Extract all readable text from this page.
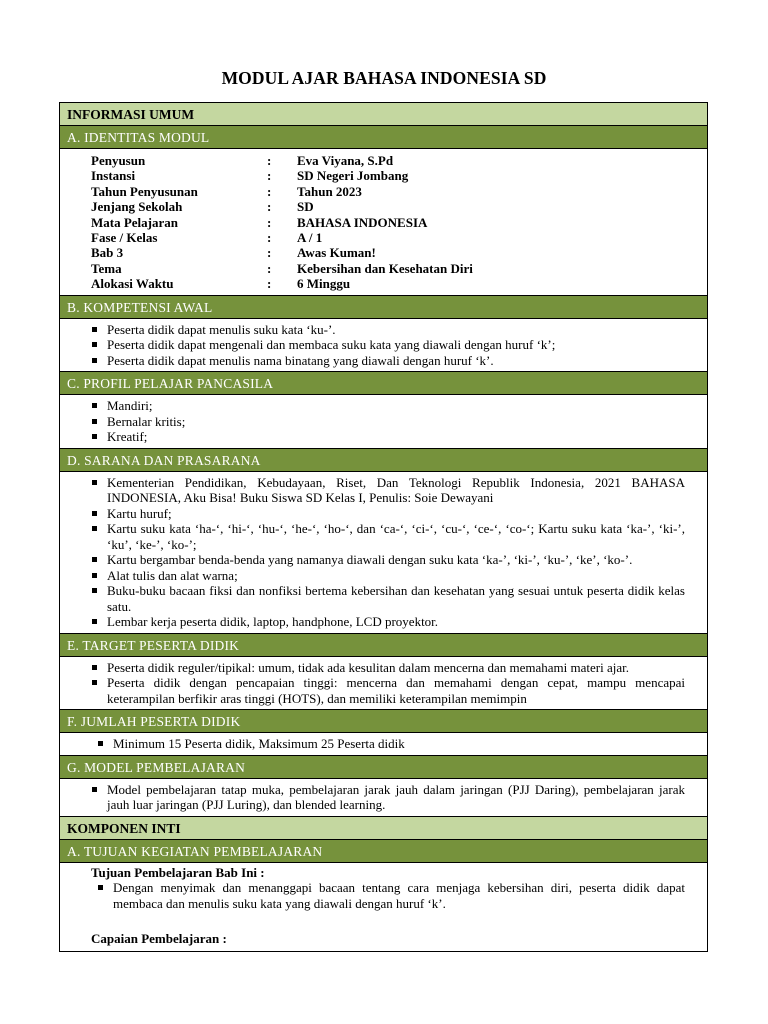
MODUL AJAR BAHASA INDONESIA SD
INFORMASI UMUM
A. IDENTITAS MODUL
Penyusun	:	Eva Viyana, S.Pd
Instansi	:	SD Negeri Jombang
Tahun Penyusunan	:	Tahun 2023
Jenjang Sekolah	:	SD
Mata Pelajaran	:	BAHASA INDONESIA
Fase / Kelas	:	A / 1
Bab 3	:	Awas Kuman!
Tema	:	Kebersihan dan Kesehatan Diri
Alokasi Waktu	:	6 Minggu
B. KOMPETENSI AWAL
Peserta didik dapat menulis suku kata ‘ku-’.
Peserta didik dapat mengenali dan membaca suku kata yang diawali dengan huruf ‘k’;
Peserta didik dapat menulis nama binatang yang diawali dengan huruf ‘k’.
C. PROFIL PELAJAR PANCASILA
Mandiri;
Bernalar kritis;
Kreatif;
D. SARANA DAN PRASARANA
Kementerian Pendidikan, Kebudayaan, Riset, Dan Teknologi Republik Indonesia, 2021 BAHASA INDONESIA, Aku Bisa! Buku Siswa SD Kelas I, Penulis: Soie Dewayani
Kartu huruf;
Kartu suku kata ‘ha-‘, ‘hi-‘, ‘hu-‘, ‘he-‘, ‘ho-‘, dan ‘ca-‘, ‘ci-‘, ‘cu-‘, ‘ce-‘, ‘co-‘; Kartu suku kata ‘ka-’, ‘ki-’, ‘ku’, ‘ke-’, ‘ko-’;
Kartu bergambar benda-benda yang namanya diawali dengan suku kata ‘ka-’, ‘ki-’, ‘ku-’, ‘ke’, ‘ko-’.
Alat tulis dan alat warna;
Buku-buku bacaan fiksi dan nonfiksi bertema kebersihan dan kesehatan yang sesuai untuk peserta didik kelas satu.
Lembar kerja peserta didik, laptop, handphone, LCD proyektor.
E. TARGET PESERTA DIDIK
Peserta didik reguler/tipikal: umum, tidak ada kesulitan dalam mencerna dan memahami materi ajar.
Peserta didik dengan pencapaian tinggi: mencerna dan memahami dengan cepat, mampu mencapai keterampilan berfikir aras tinggi (HOTS), dan memiliki keterampilan memimpin
F. JUMLAH PESERTA DIDIK
Minimum 15 Peserta didik, Maksimum 25 Peserta didik
G. MODEL PEMBELAJARAN
Model pembelajaran tatap muka, pembelajaran jarak jauh dalam jaringan (PJJ Daring), pembelajaran jarak jauh luar jaringan (PJJ Luring), dan blended learning.
KOMPONEN INTI
A. TUJUAN KEGIATAN PEMBELAJARAN
Tujuan Pembelajaran Bab Ini :
Dengan menyimak dan menanggapi bacaan tentang cara menjaga kebersihan diri, peserta didik dapat membaca dan menulis suku kata yang diawali dengan huruf ‘k’.
Capaian Pembelajaran :
